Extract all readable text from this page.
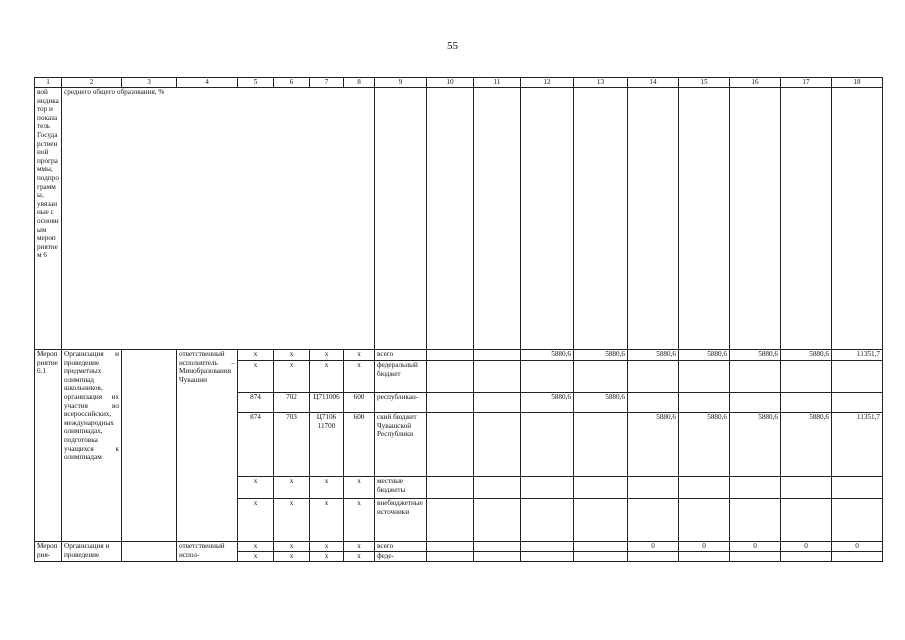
55
1	2	3	4	5	6	7	8	9	10	11	12	13	14	15	16	17	18
вой индикатор и показатель Государственной программы, подпрограммы, увязанные с основным мероприятием 6	среднего общего образования, %																
Мероприятие 6.1	Организация и проведение предметных олимпиад школьников, организация их участия во всероссийских, международных олимпиадах, подготовка учащихся к олимпиадам		ответственный исполнитель – Минобразования Чувашии	x	x	x	x	всего			5880,6	5880,6	5880,6	5880,6	5880,6	5880,6	11351,7
				x	x	x	x	федеральный бюджет									
				874	702	Ц711006	600	республикан-			5880,6	5880,6					
				874	703	Ц7106 11700	600	ский бюджет Чувашской Республики					5880,6	5880,6	5880,6	5880,6	11351,7
				x	x	x	x	местные бюджеты									
				x	x	x	x	внебюджетные источники									
Мероприя-	Организация и проведение		ответственный испол-	x	x	x	x	всего					0	0	0	0	0
				x	x	x	x	феде-									
